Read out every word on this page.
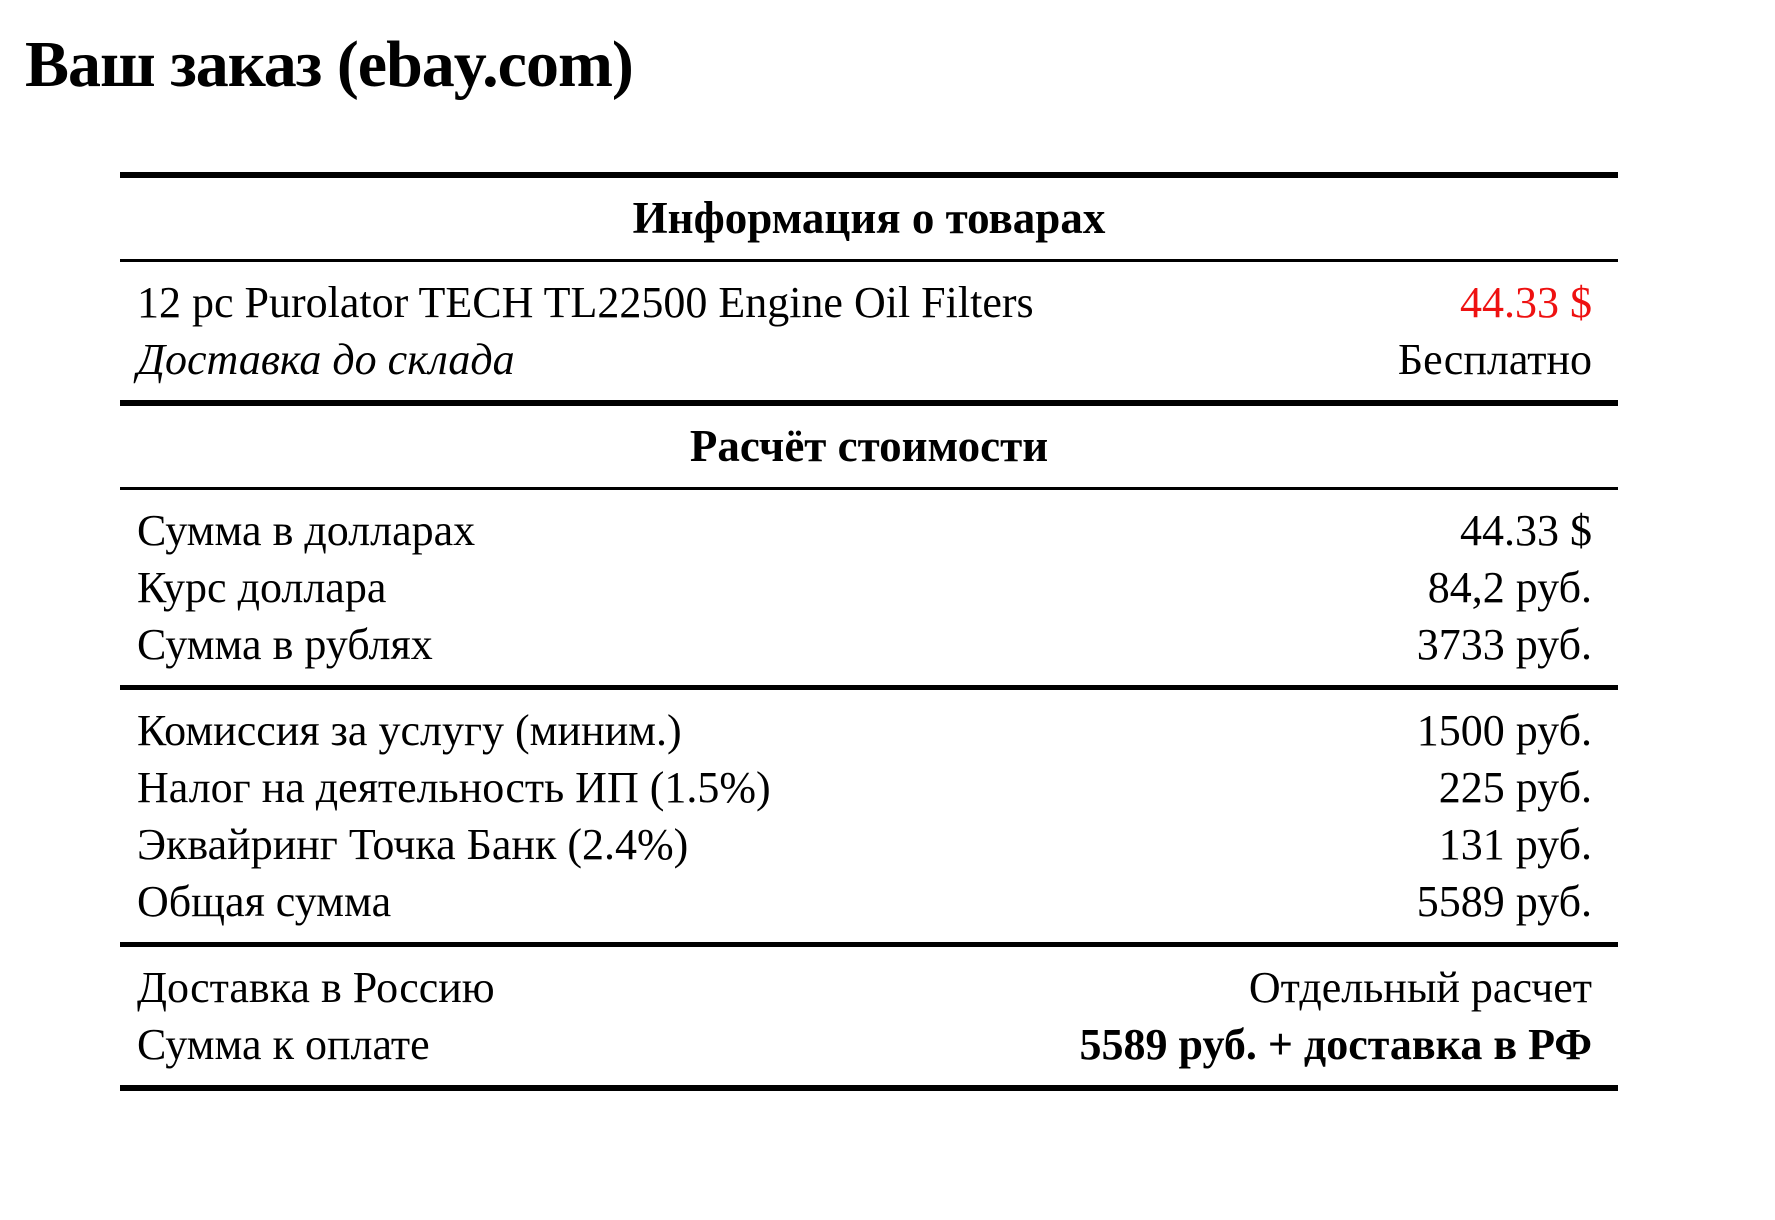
Ваш заказ (ebay.com)
Информация о товарах
12 pc Purolator TECH TL22500 Engine Oil Filters	44.33 $
Доставка до склада	Бесплатно
Расчёт стоимости
Сумма в долларах	44.33 $
Курс доллара	84,2 руб.
Сумма в рублях	3733 руб.
Комиссия за услугу (миним.)	1500 руб.
Налог на деятельность ИП (1.5%)	225 руб.
Эквайринг Точка Банк (2.4%)	131 руб.
Общая сумма	5589 руб.
Доставка в Россию	Отдельный расчет
Сумма к оплате	5589 руб. + доставка в РФ
